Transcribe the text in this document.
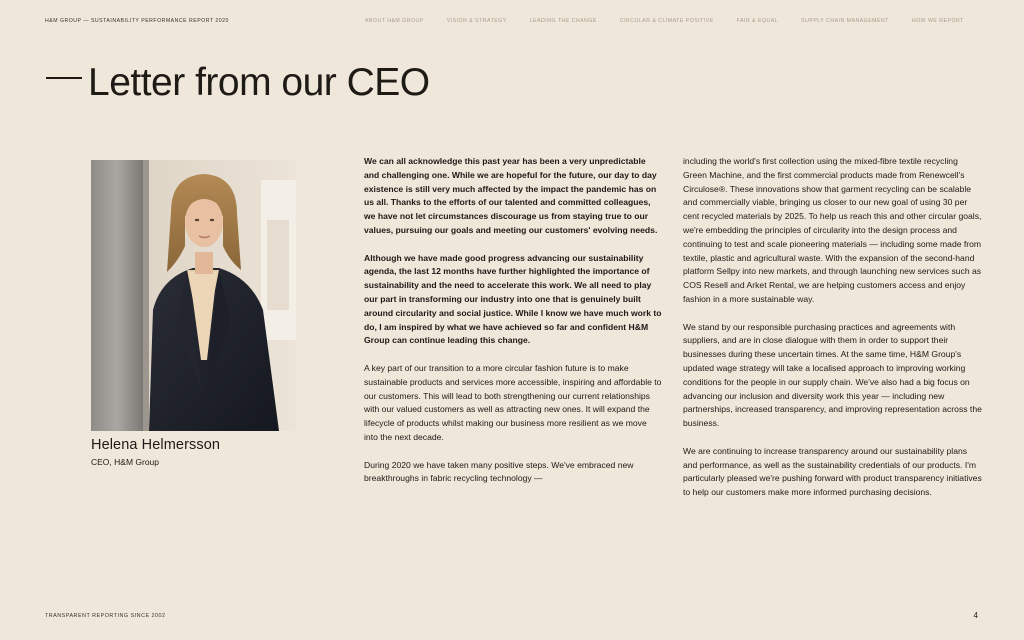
H&M GROUP — SUSTAINABILITY PERFORMANCE REPORT 2020	ABOUT H&M GROUP	VISION & STRATEGY	LEADING THE CHANGE	CIRCULAR & CLIMATE POSITIVE	FAIR & EQUAL	SUPPLY CHAIN MANAGEMENT	HOW WE REPORT
Letter from our CEO

Helena Helmersson

CEO, H&M Group

We can all acknowledge this past year has been a very unpredictable and challenging one. While we are hopeful for the future, our day to day existence is still very much affected by the impact the pandemic has on us all. Thanks to the efforts of our talented and committed colleagues, we have not let circumstances discourage us from staying true to our values, pursuing our goals and meeting our customers' evolving needs.

Although we have made good progress advancing our sustainability agenda, the last 12 months have further highlighted the importance of sustainability and the need to accelerate this work. We all need to play our part in transforming our industry into one that is genuinely built around circularity and social justice. While I know we have much work to do, I am inspired by what we have achieved so far and confident H&M Group can continue leading this change.

A key part of our transition to a more circular fashion future is to make sustainable products and services more accessible, inspiring and affordable to our customers. This will lead to both strengthening our current relationships with our valued customers as well as attracting new ones. It will expand the lifecycle of products whilst making our business more resilient as we move into the next decade.

During 2020 we have taken many positive steps. We've embraced new breakthroughs in fabric recycling technology —

including the world's first collection using the mixed-fibre textile recycling Green Machine, and the first commercial products made from Renewcell's Circulose®. These innovations show that garment recycling can be scalable and commercially viable, bringing us closer to our new goal of using 30 per cent recycled materials by 2025. To help us reach this and other circular goals, we're embedding the principles of circularity into the design process and continuing to test and scale pioneering materials — including some made from textile, plastic and agricultural waste. With the expansion of the second-hand platform Sellpy into new markets, and through launching new services such as COS Resell and Arket Rental, we are helping customers access and enjoy fashion in a more sustainable way.

We stand by our responsible purchasing practices and agreements with suppliers, and are in close dialogue with them in order to support their businesses during these uncertain times. At the same time, H&M Group's updated wage strategy will take a localised approach to improving working conditions for the people in our supply chain. We've also had a big focus on advancing our inclusion and diversity work this year — including new partnerships, increased transparency, and improving representation across the business.

We are continuing to increase transparency around our sustainability plans and performance, as well as the sustainability credentials of our products. I'm particularly pleased we're pushing forward with product transparency initiatives to help our customers make more informed purchasing decisions.

TRANSPARENT REPORTING SINCE 2002	4
